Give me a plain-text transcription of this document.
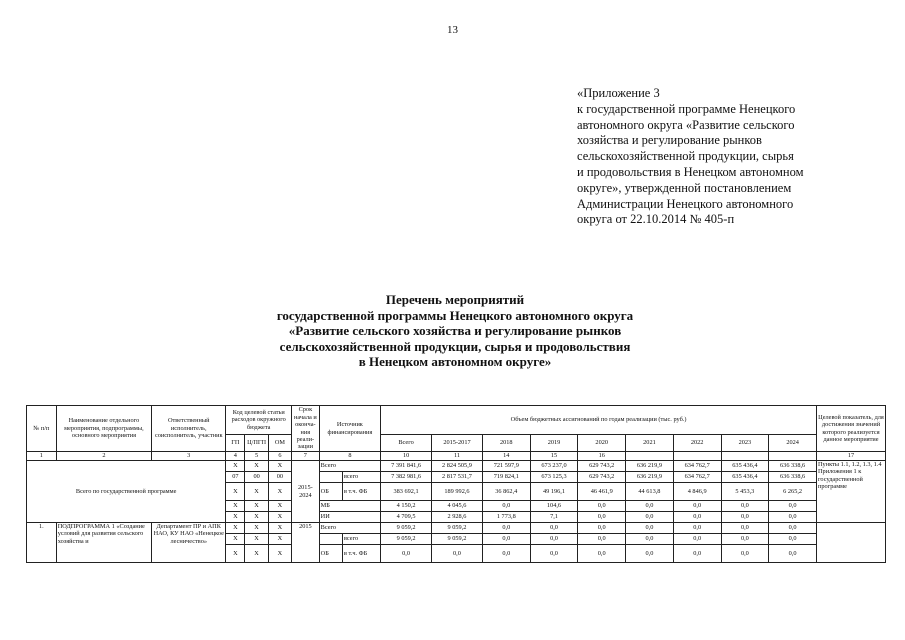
13
«Приложение 3
к государственной программе Ненецкого
автономного округа «Развитие сельского
хозяйства и регулирование рынков
сельскохозяйственной продукции, сырья
и продовольствия в Ненецком автономном
округе», утвержденной постановлением
Администрации Ненецкого автономного
округа от 22.10.2014 № 405-п
Перечень мероприятий
государственной программы Ненецкого автономного округа
«Развитие сельского хозяйства и регулирование рынков
сельскохозяйственной продукции, сырья и продовольствия
в Ненецком автономном округе»
№ п/п	Наименование отдельного мероприятия, подпрограммы, основного мероприятия	Ответственный исполнитель, соисполнитель, участник	Код целевой статьи расходов окружного бюджета			Срок начала и оконча-ния реали-зации	Источник финансирования		Объем бюджетных ассигнований по годам реализации (тыс. руб.)									Целевой показатель, для достижения значений которого реализуется данное мероприятие
			ГП	Ц/ПГП	ОМ				Всего	2015-2017	2018	2019	2020	2021	2022	2023	2024	
1	2	3	4	5	6	7	8		10	11	14	15	16					17
Всего по государственной программе			X	X	X	2015-2024	Всего		7 391 841,6	2 824 505,9	721 597,9	673 237,0	629 743,2	636 219,9	634 762,7	635 436,4	636 338,6	Пункты 1.1, 1.2, 1.3, 1.4 Приложения 1 к государственной программе
			07	00	00			всего	7 382 981,6	2 817 531,7	719 824,1	673 125,3	629 743,2	636 219,9	634 762,7	635 436,4	636 338,6	
			X	X	X		ОБ	в т.ч. ФБ	383 692,1	189 992,6	36 862,4	49 196,1	46 461,9	44 613,8	4 846,9	5 453,3	6 265,2	
			X	X	X		МБ		4 150,2	4 045,6	0,0	104,6	0,0	0,0	0,0	0,0	0,0	
			X	X	X		ИИ		4 709,5	2 928,6	1 773,8	7,1	0,0	0,0	0,0	0,0	0,0	
1.	ПОДПРОГРАММА 1 «Создание условий для развития сельского хозяйства и	Департамент ПР и АПК НАО, КУ НАО «Ненецкое лесничество»	X	X	X	2015	Всего		9 059,2	9 059,2	0,0	0,0	0,0	0,0	0,0	0,0	0,0	
			X	X	X			всего	9 059,2	9 059,2	0,0	0,0	0,0	0,0	0,0	0,0	0,0	
			X	X	X		ОБ	в т.ч. ФБ	0,0	0,0	0,0	0,0	0,0	0,0	0,0	0,0	0,0	
